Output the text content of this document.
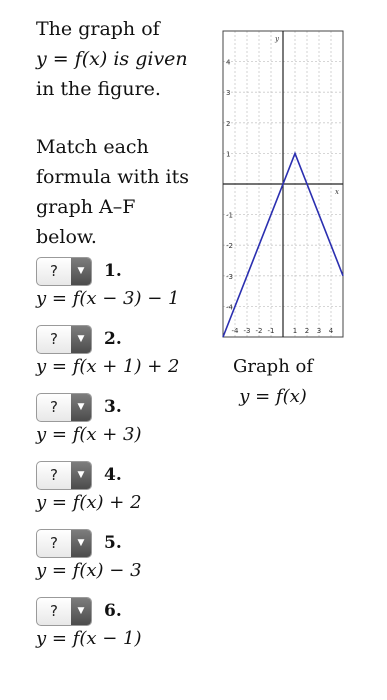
The graph of
y = f(x) is given
in the figure.

Match each
formula with its
graph A–F
below.

?	▼	1.
y = f(x − 3) − 1
?	▼	2.
y = f(x + 1) + 2
?	▼	3.
y = f(x + 3)
?	▼	4.
y = f(x) + 2
?	▼	5.
y = f(x) − 3
?	▼	6.
y = f(x − 1)
-4 -3 -2 -1	1 2 3 4
4
3
2
1
-1
-2
-3
-4
x
y
Graph of
y = f(x)
